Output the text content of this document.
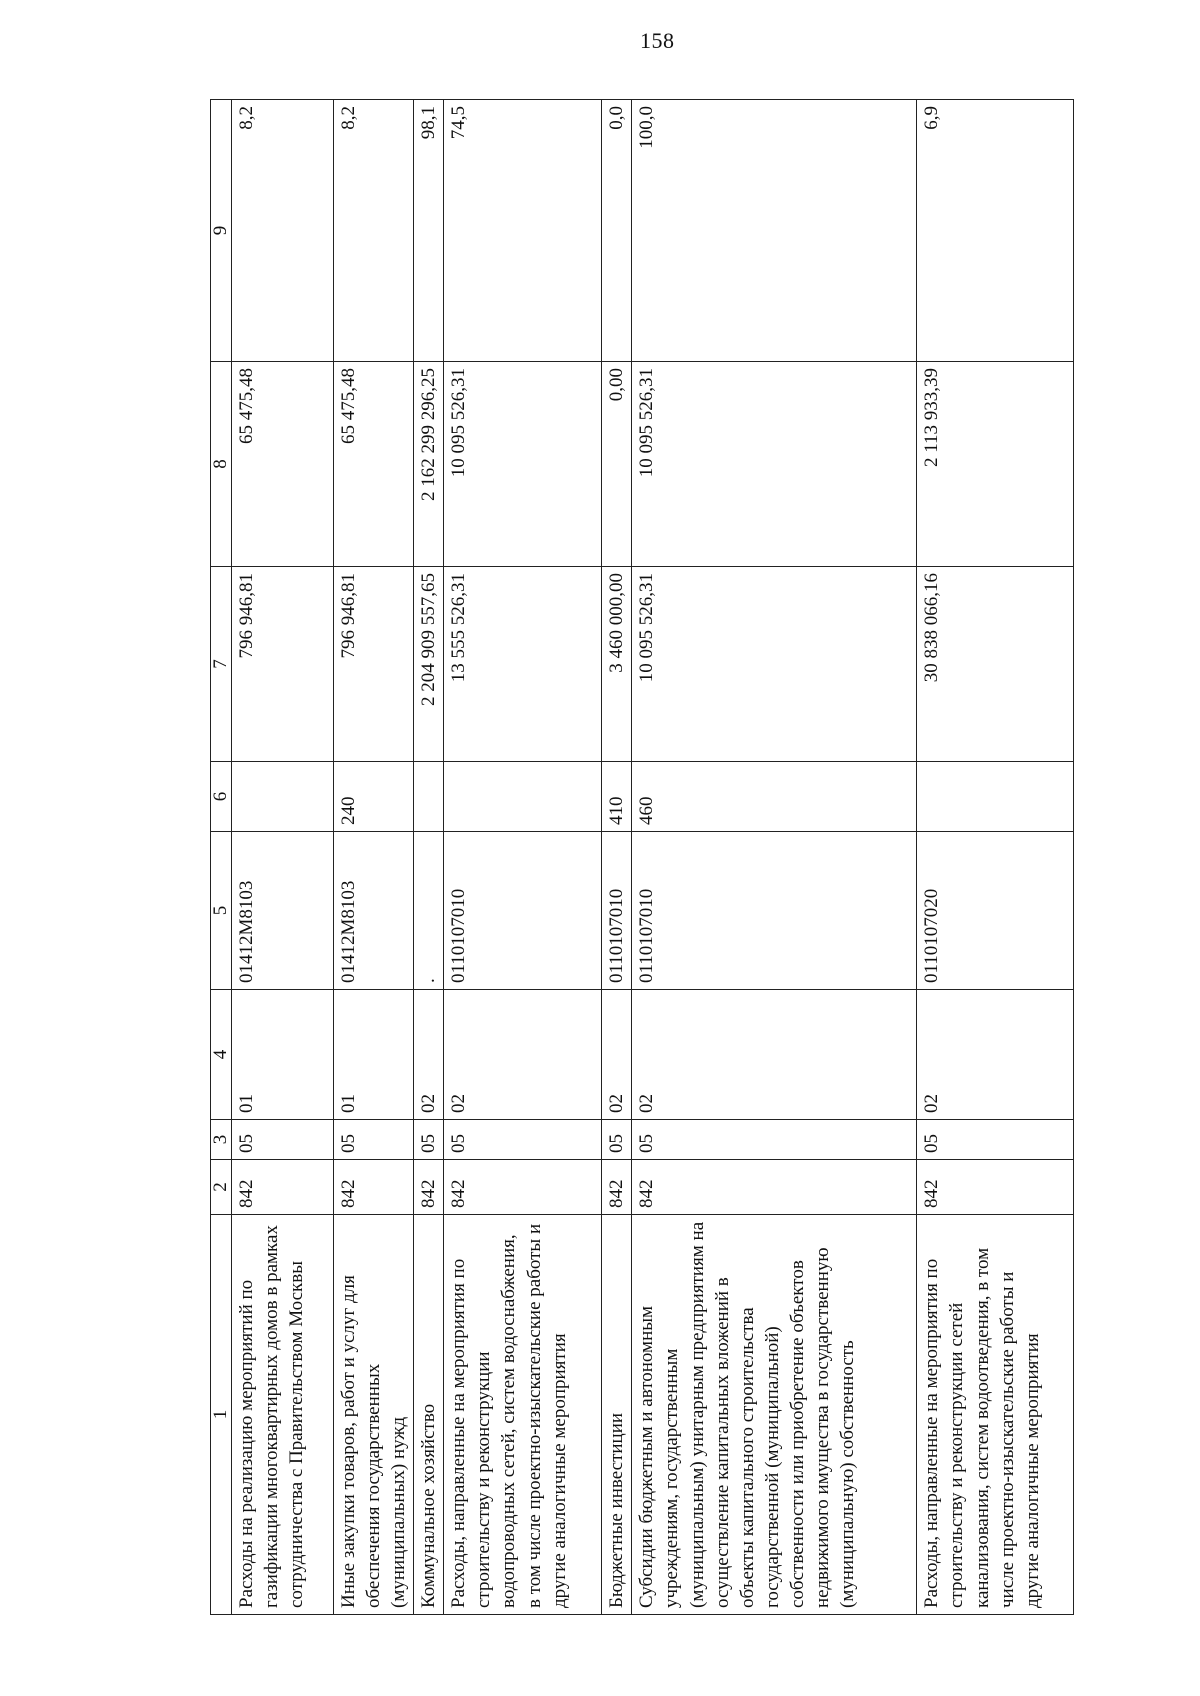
158
1	2	3	4	5	6	7	8	9
Расходы на реализацию мероприятий по газификации многоквартирных домов в рамках сотрудничества с Правительством Москвы	842	05	01	01412М8103		796 946,81	65 475,48	8,2
Иные закупки товаров, работ и услуг для обеспечения государственных (муниципальных) нужд	842	05	01	01412М8103	240	796 946,81	65 475,48	8,2
Коммунальное хозяйство	842	05	02	.		2 204 909 557,65	2 162 299 296,25	98,1
Расходы, направленные на мероприятия по строительству и реконструкции водопроводных сетей, систем водоснабжения, в том числе проектно-изыскательские работы и другие аналогичные мероприятия	842	05	02	0110107010		13 555 526,31	10 095 526,31	74,5
Бюджетные инвестиции	842	05	02	0110107010	410	3 460 000,00	0,00	0,0
Субсидии бюджетным и автономным учреждениям, государственным (муниципальным) унитарным предприятиям на осуществление капитальных вложений в объекты капитального строительства государственной (муниципальной) собственности или приобретение объектов недвижимого имущества в государственную (муниципальную) собственность	842	05	02	0110107010	460	10 095 526,31	10 095 526,31	100,0
Расходы, направленные на мероприятия по строительству и реконструкции сетей канализования, систем водоотведения, в том числе проектно-изыскательские работы и другие аналогичные мероприятия	842	05	02	0110107020		30 838 066,16	2 113 933,39	6,9
